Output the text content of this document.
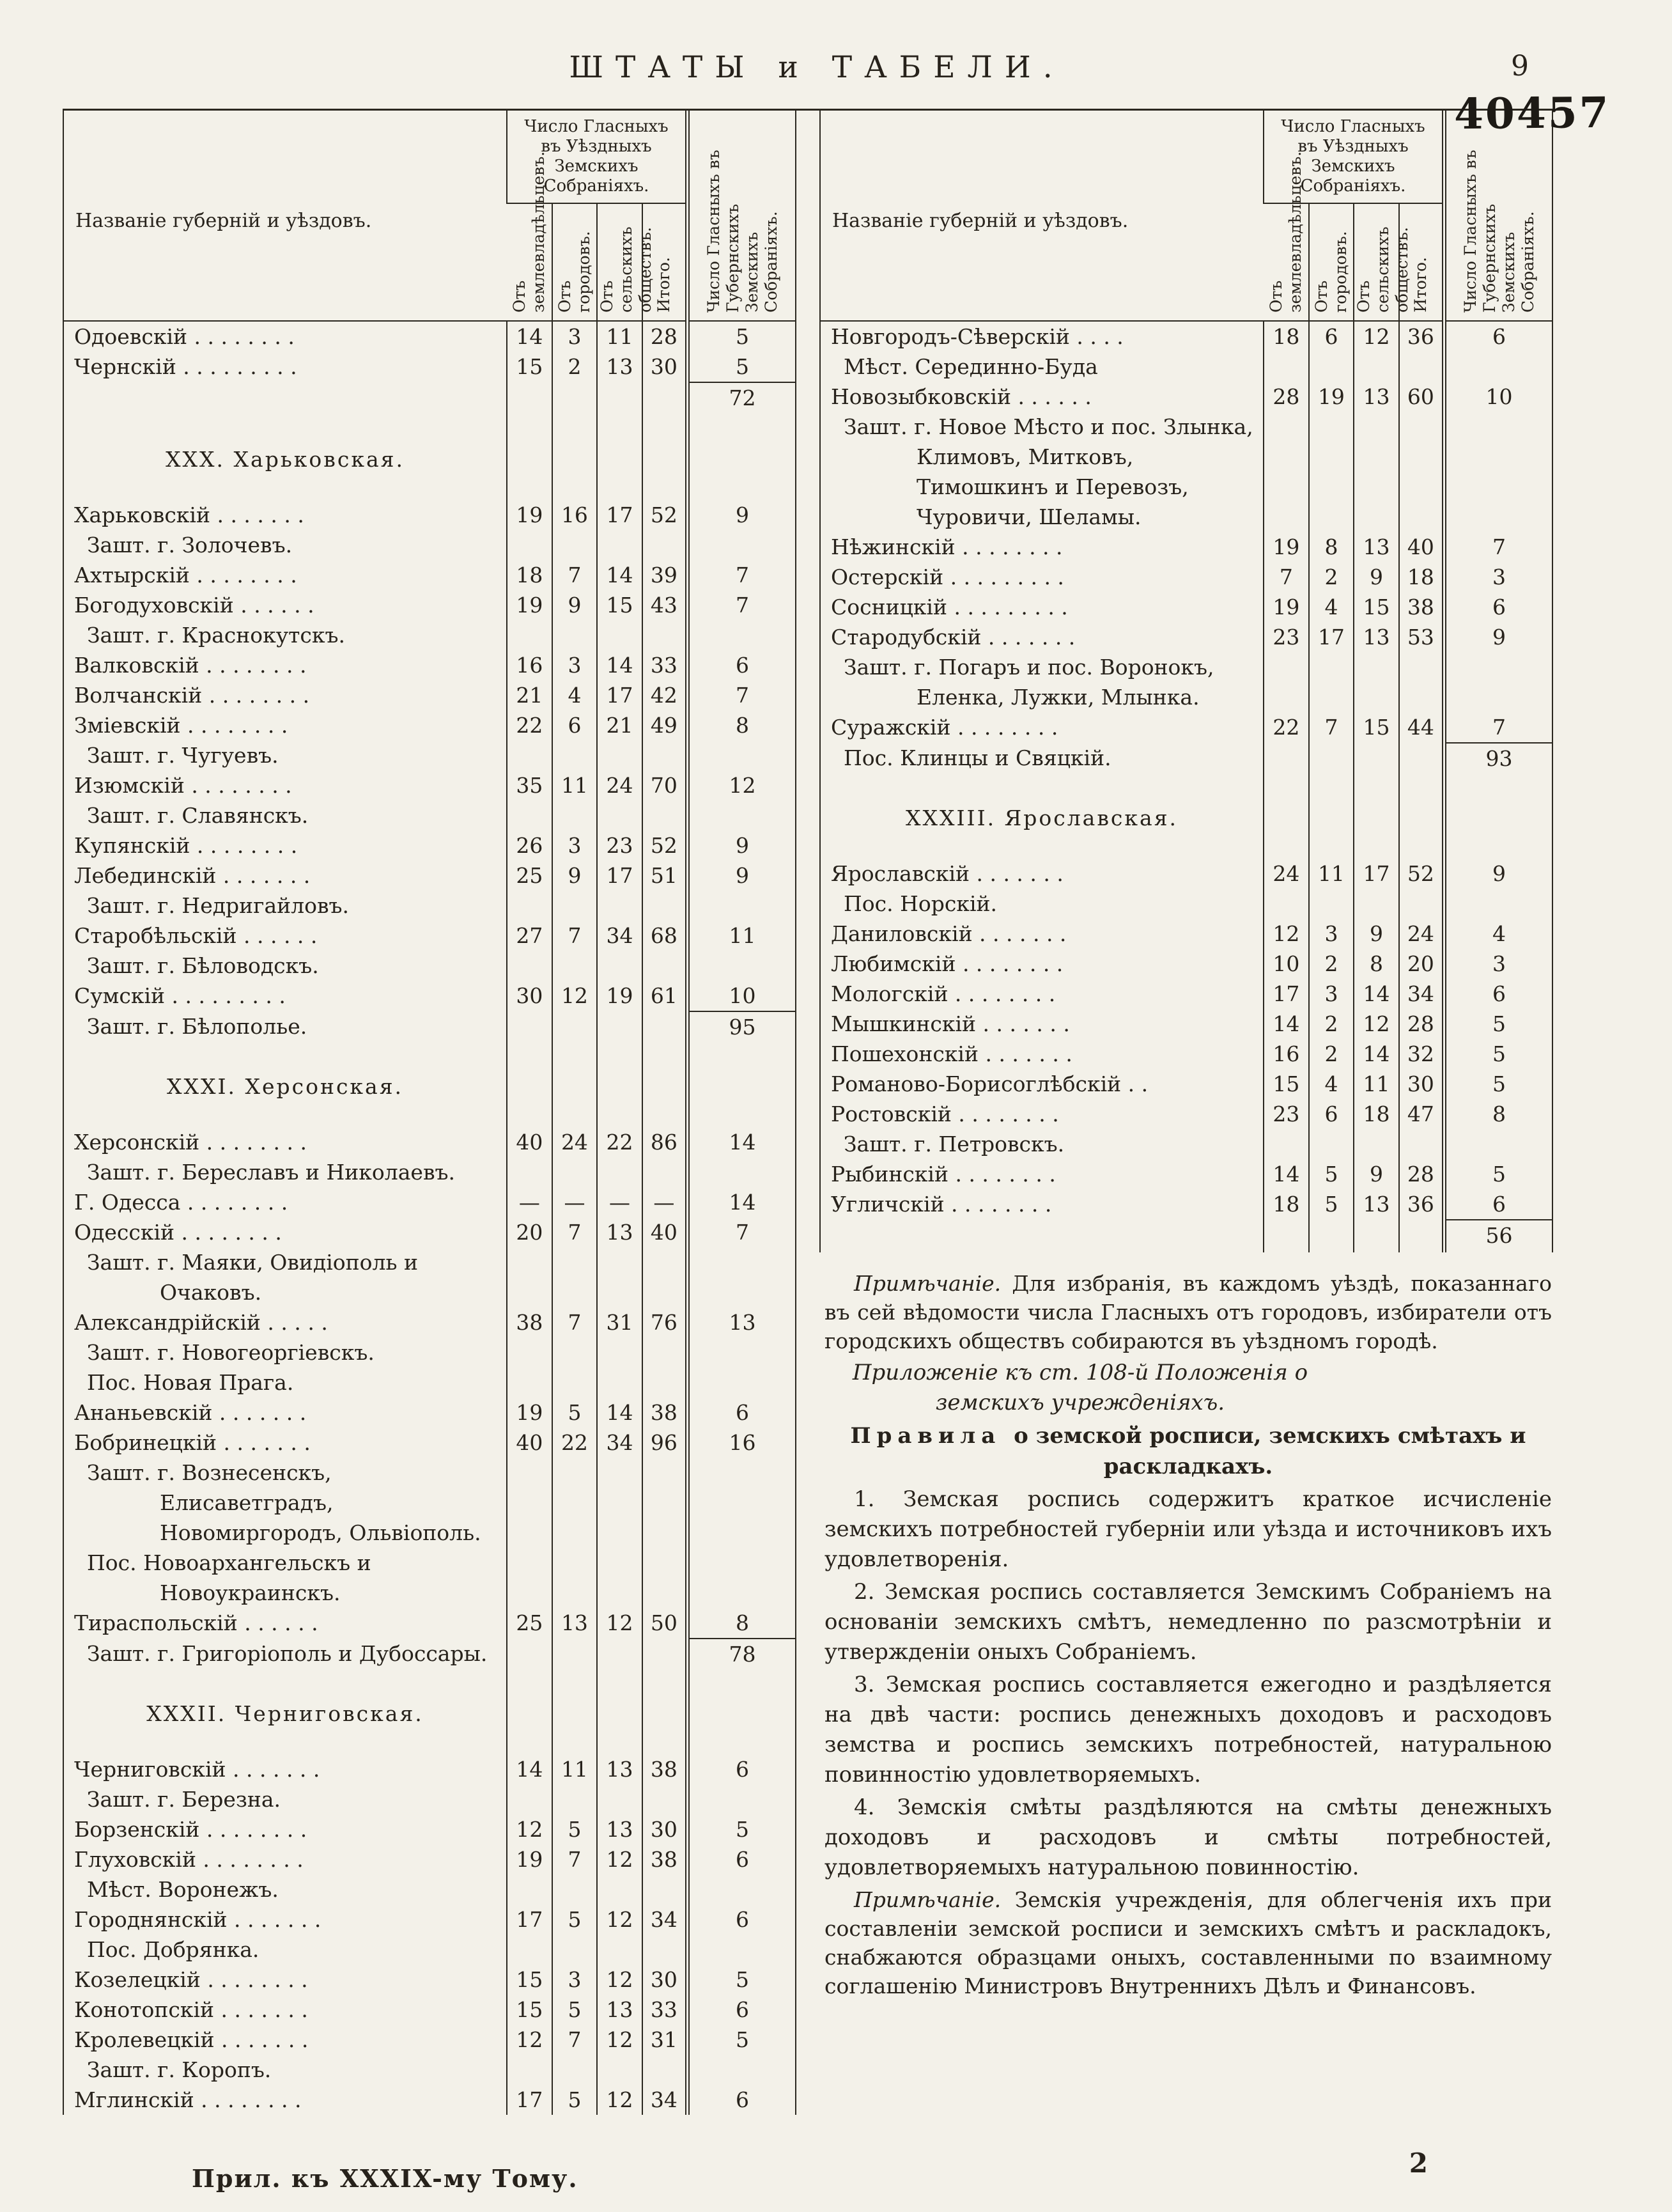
ШТАТЫ и ТАБЕЛИ.	9
40457
Названіе губерній и уѣздовъ.	Число Гласныхъ въ Уѣздныхъ Земскихъ Собраніяхъ.				Число Гласныхъ въ Губернскихъ Земскихъ Собраніяхъ.
	Отъ землевладѣльцевъ.	Отъ городовъ.	Отъ сельскихъ обществъ.	Итого.	
Одоевскій . . . . . . . .	14	3	11	28	5
Чернскій . . . . . . . . .	15	2	13	30	5
					72
XXX. Харьковская.					
Харьковскій . . . . . . .	19	16	17	52	9
Зашт. г. Золочевъ.					
Ахтырскій . . . . . . . .	18	7	14	39	7
Богодуховскій . . . . . .	19	9	15	43	7
Зашт. г. Краснокутскъ.					
Валковскій . . . . . . . .	16	3	14	33	6
Волчанскій . . . . . . . .	21	4	17	42	7
Зміевскій . . . . . . . .	22	6	21	49	8
Зашт. г. Чугуевъ.					
Изюмскій . . . . . . . .	35	11	24	70	12
Зашт. г. Славянскъ.					
Купянскій . . . . . . . .	26	3	23	52	9
Лебединскій . . . . . . .	25	9	17	51	9
Зашт. г. Недригайловъ.					
Старобѣльскій . . . . . .	27	7	34	68	11
Зашт. г. Бѣловодскъ.					
Сумскій . . . . . . . . .	30	12	19	61	10
Зашт. г. Бѣлополье.					95
XXXI. Херсонская.					
Херсонскій . . . . . . . .	40	24	22	86	14
Зашт. г. Береславъ и Николаевъ.					
Г. Одесса . . . . . . . .	—	—	—	—	14
Одесскій . . . . . . . .	20	7	13	40	7
Зашт. г. Маяки, Овидіополь и Очаковъ.					
Александрійскій . . . . .	38	7	31	76	13
Зашт. г. Новогеоргіевскъ.					
Пос. Новая Прага.					
Ананьевскій . . . . . . .	19	5	14	38	6
Бобринецкій . . . . . . .	40	22	34	96	16
Зашт. г. Вознесенскъ, Елисаветградъ, Новомиргородъ, Ольвіополь.					
Пос. Новоархангельскъ и Новоукраинскъ.					
Тираспольскій . . . . . .	25	13	12	50	8
Зашт. г. Григоріополь и Дубоссары.					78
XXXII. Черниговская.					
Черниговскій . . . . . . .	14	11	13	38	6
Зашт. г. Березна.					
Борзенскій . . . . . . . .	12	5	13	30	5
Глуховскій . . . . . . . .	19	7	12	38	6
Мѣст. Воронежъ.					
Городнянскій . . . . . . .	17	5	12	34	6
Пос. Добрянка.					
Козелецкій . . . . . . . .	15	3	12	30	5
Конотопскій . . . . . . .	15	5	13	33	6
Кролевецкій . . . . . . .	12	7	12	31	5
Зашт. г. Коропъ.					
Мглинскій . . . . . . . .	17	5	12	34	6
Названіе губерній и уѣздовъ.	Число Гласныхъ въ Уѣздныхъ Земскихъ Собраніяхъ.				Число Гласныхъ въ Губернскихъ Земскихъ Собраніяхъ.
	Отъ землевладѣльцевъ.	Отъ городовъ.	Отъ сельскихъ обществъ.	Итого.	
Новгородъ-Сѣверскій . . . .	18	6	12	36	6
Мѣст. Серединно-Буда					
Новозыбковскій . . . . . .	28	19	13	60	10
Зашт. г. Новое Мѣсто и пос. Злынка, Климовъ, Митковъ, Тимошкинъ и Перевозъ, Чуровичи, Шеламы.					
Нѣжинскій . . . . . . . .	19	8	13	40	7
Остерскій . . . . . . . . .	7	2	9	18	3
Сосницкій . . . . . . . . .	19	4	15	38	6
Стародубскій . . . . . . .	23	17	13	53	9
Зашт. г. Погаръ и пос. Воронокъ, Еленка, Лужки, Млынка.					
Суражскій . . . . . . . .	22	7	15	44	7
Пос. Клинцы и Свяцкій.					93
XXXIII. Ярославская.					
Ярославскій . . . . . . .	24	11	17	52	9
Пос. Норскій.					
Даниловскій . . . . . . .	12	3	9	24	4
Любимскій . . . . . . . .	10	2	8	20	3
Мологскій . . . . . . . .	17	3	14	34	6
Мышкинскій . . . . . . .	14	2	12	28	5
Пошехонскій . . . . . . .	16	2	14	32	5
Романово-Борисоглѣбскій . .	15	4	11	30	5
Ростовскій . . . . . . . .	23	6	18	47	8
Зашт. г. Петровскъ.					
Рыбинскій . . . . . . . .	14	5	9	28	5
Угличскій . . . . . . . .	18	5	13	36	6
					56

Примѣчаніе. Для избранія, въ каждомъ уѣздѣ, показаннаго въ сей вѣдомости числа Гласныхъ отъ городовъ, избиратели отъ городскихъ обществъ собираются въ уѣздномъ городѣ.

Приложеніе къ ст. 108-й Положенія о земскихъ учрежденіяхъ.

Правила о земской росписи, земскихъ смѣтахъ и раскладкахъ.

1. Земская роспись содержитъ краткое исчисленіе земскихъ потребностей губерніи или уѣзда и источниковъ ихъ удовлетворенія.

2. Земская роспись составляется Земскимъ Собраніемъ на основаніи земскихъ смѣтъ, немедленно по разсмотрѣніи и утвержденіи оныхъ Собраніемъ.

3. Земская роспись составляется ежегодно и раздѣляется на двѣ части: роспись денежныхъ доходовъ и расходовъ земства и роспись земскихъ потребностей, натуральною повинностію удовлетворяемыхъ.

4. Земскія смѣты раздѣляются на смѣты денежныхъ доходовъ и расходовъ и смѣты потребностей, удовлетворяемыхъ натуральною повинностію.

Примѣчаніе. Земскія учрежденія, для облегченія ихъ при составленіи земской росписи и земскихъ смѣтъ и раскладокъ, снабжаются образцами оныхъ, составленными по взаимному соглашенію Министровъ Внутреннихъ Дѣлъ и Финансовъ.

Прил. къ XXXIX-му Тому.	2
